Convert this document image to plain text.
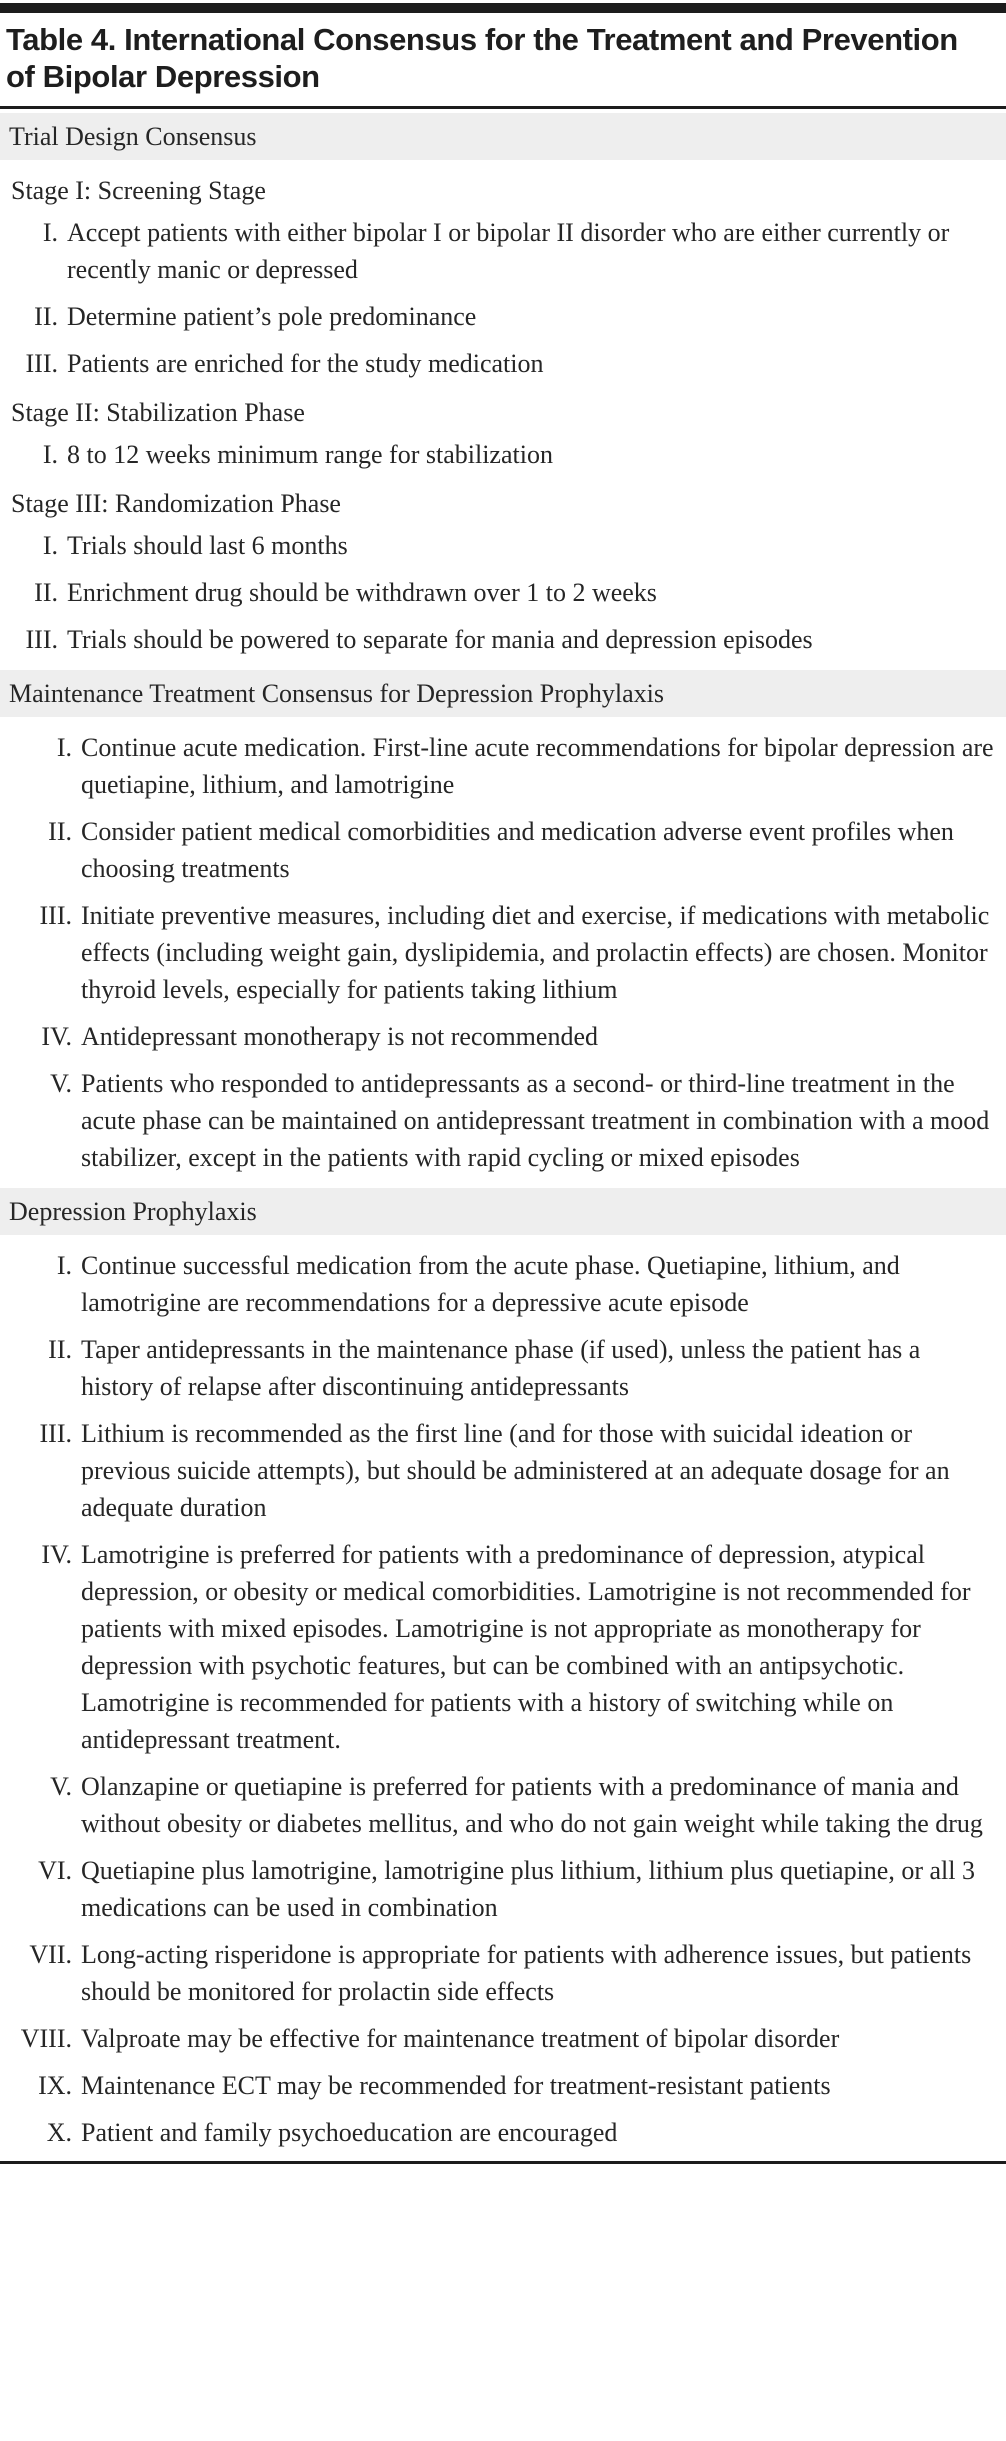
Table 4. International Consensus for the Treatment and Prevention of Bipolar Depression
Trial Design Consensus
Stage I: Screening Stage
I. Accept patients with either bipolar I or bipolar II disorder who are either currently or recently manic or depressed
II. Determine patient’s pole predominance
III. Patients are enriched for the study medication
Stage II: Stabilization Phase
I. 8 to 12 weeks minimum range for stabilization
Stage III: Randomization Phase
I. Trials should last 6 months
II. Enrichment drug should be withdrawn over 1 to 2 weeks
III. Trials should be powered to separate for mania and depression episodes
Maintenance Treatment Consensus for Depression Prophylaxis
I. Continue acute medication. First-line acute recommendations for bipolar depression are quetiapine, lithium, and lamotrigine
II. Consider patient medical comorbidities and medication adverse event profiles when choosing treatments
III. Initiate preventive measures, including diet and exercise, if medications with metabolic effects (including weight gain, dyslipidemia, and prolactin effects) are chosen. Monitor thyroid levels, especially for patients taking lithium
IV. Antidepressant monotherapy is not recommended
V. Patients who responded to antidepressants as a second- or third-line treatment in the acute phase can be maintained on antidepressant treatment in combination with a mood stabilizer, except in the patients with rapid cycling or mixed episodes
Depression Prophylaxis
I. Continue successful medication from the acute phase. Quetiapine, lithium, and lamotrigine are recommendations for a depressive acute episode
II. Taper antidepressants in the maintenance phase (if used), unless the patient has a history of relapse after discontinuing antidepressants
III. Lithium is recommended as the first line (and for those with suicidal ideation or previous suicide attempts), but should be administered at an adequate dosage for an adequate duration
IV. Lamotrigine is preferred for patients with a predominance of depression, atypical depression, or obesity or medical comorbidities. Lamotrigine is not recommended for patients with mixed episodes. Lamotrigine is not appropriate as monotherapy for depression with psychotic features, but can be combined with an antipsychotic. Lamotrigine is recommended for patients with a history of switching while on antidepressant treatment.
V. Olanzapine or quetiapine is preferred for patients with a predominance of mania and without obesity or diabetes mellitus, and who do not gain weight while taking the drug
VI. Quetiapine plus lamotrigine, lamotrigine plus lithium, lithium plus quetiapine, or all 3 medications can be used in combination
VII. Long-acting risperidone is appropriate for patients with adherence issues, but patients should be monitored for prolactin side effects
VIII. Valproate may be effective for maintenance treatment of bipolar disorder
IX. Maintenance ECT may be recommended for treatment-resistant patients
X. Patient and family psychoeducation are encouraged
